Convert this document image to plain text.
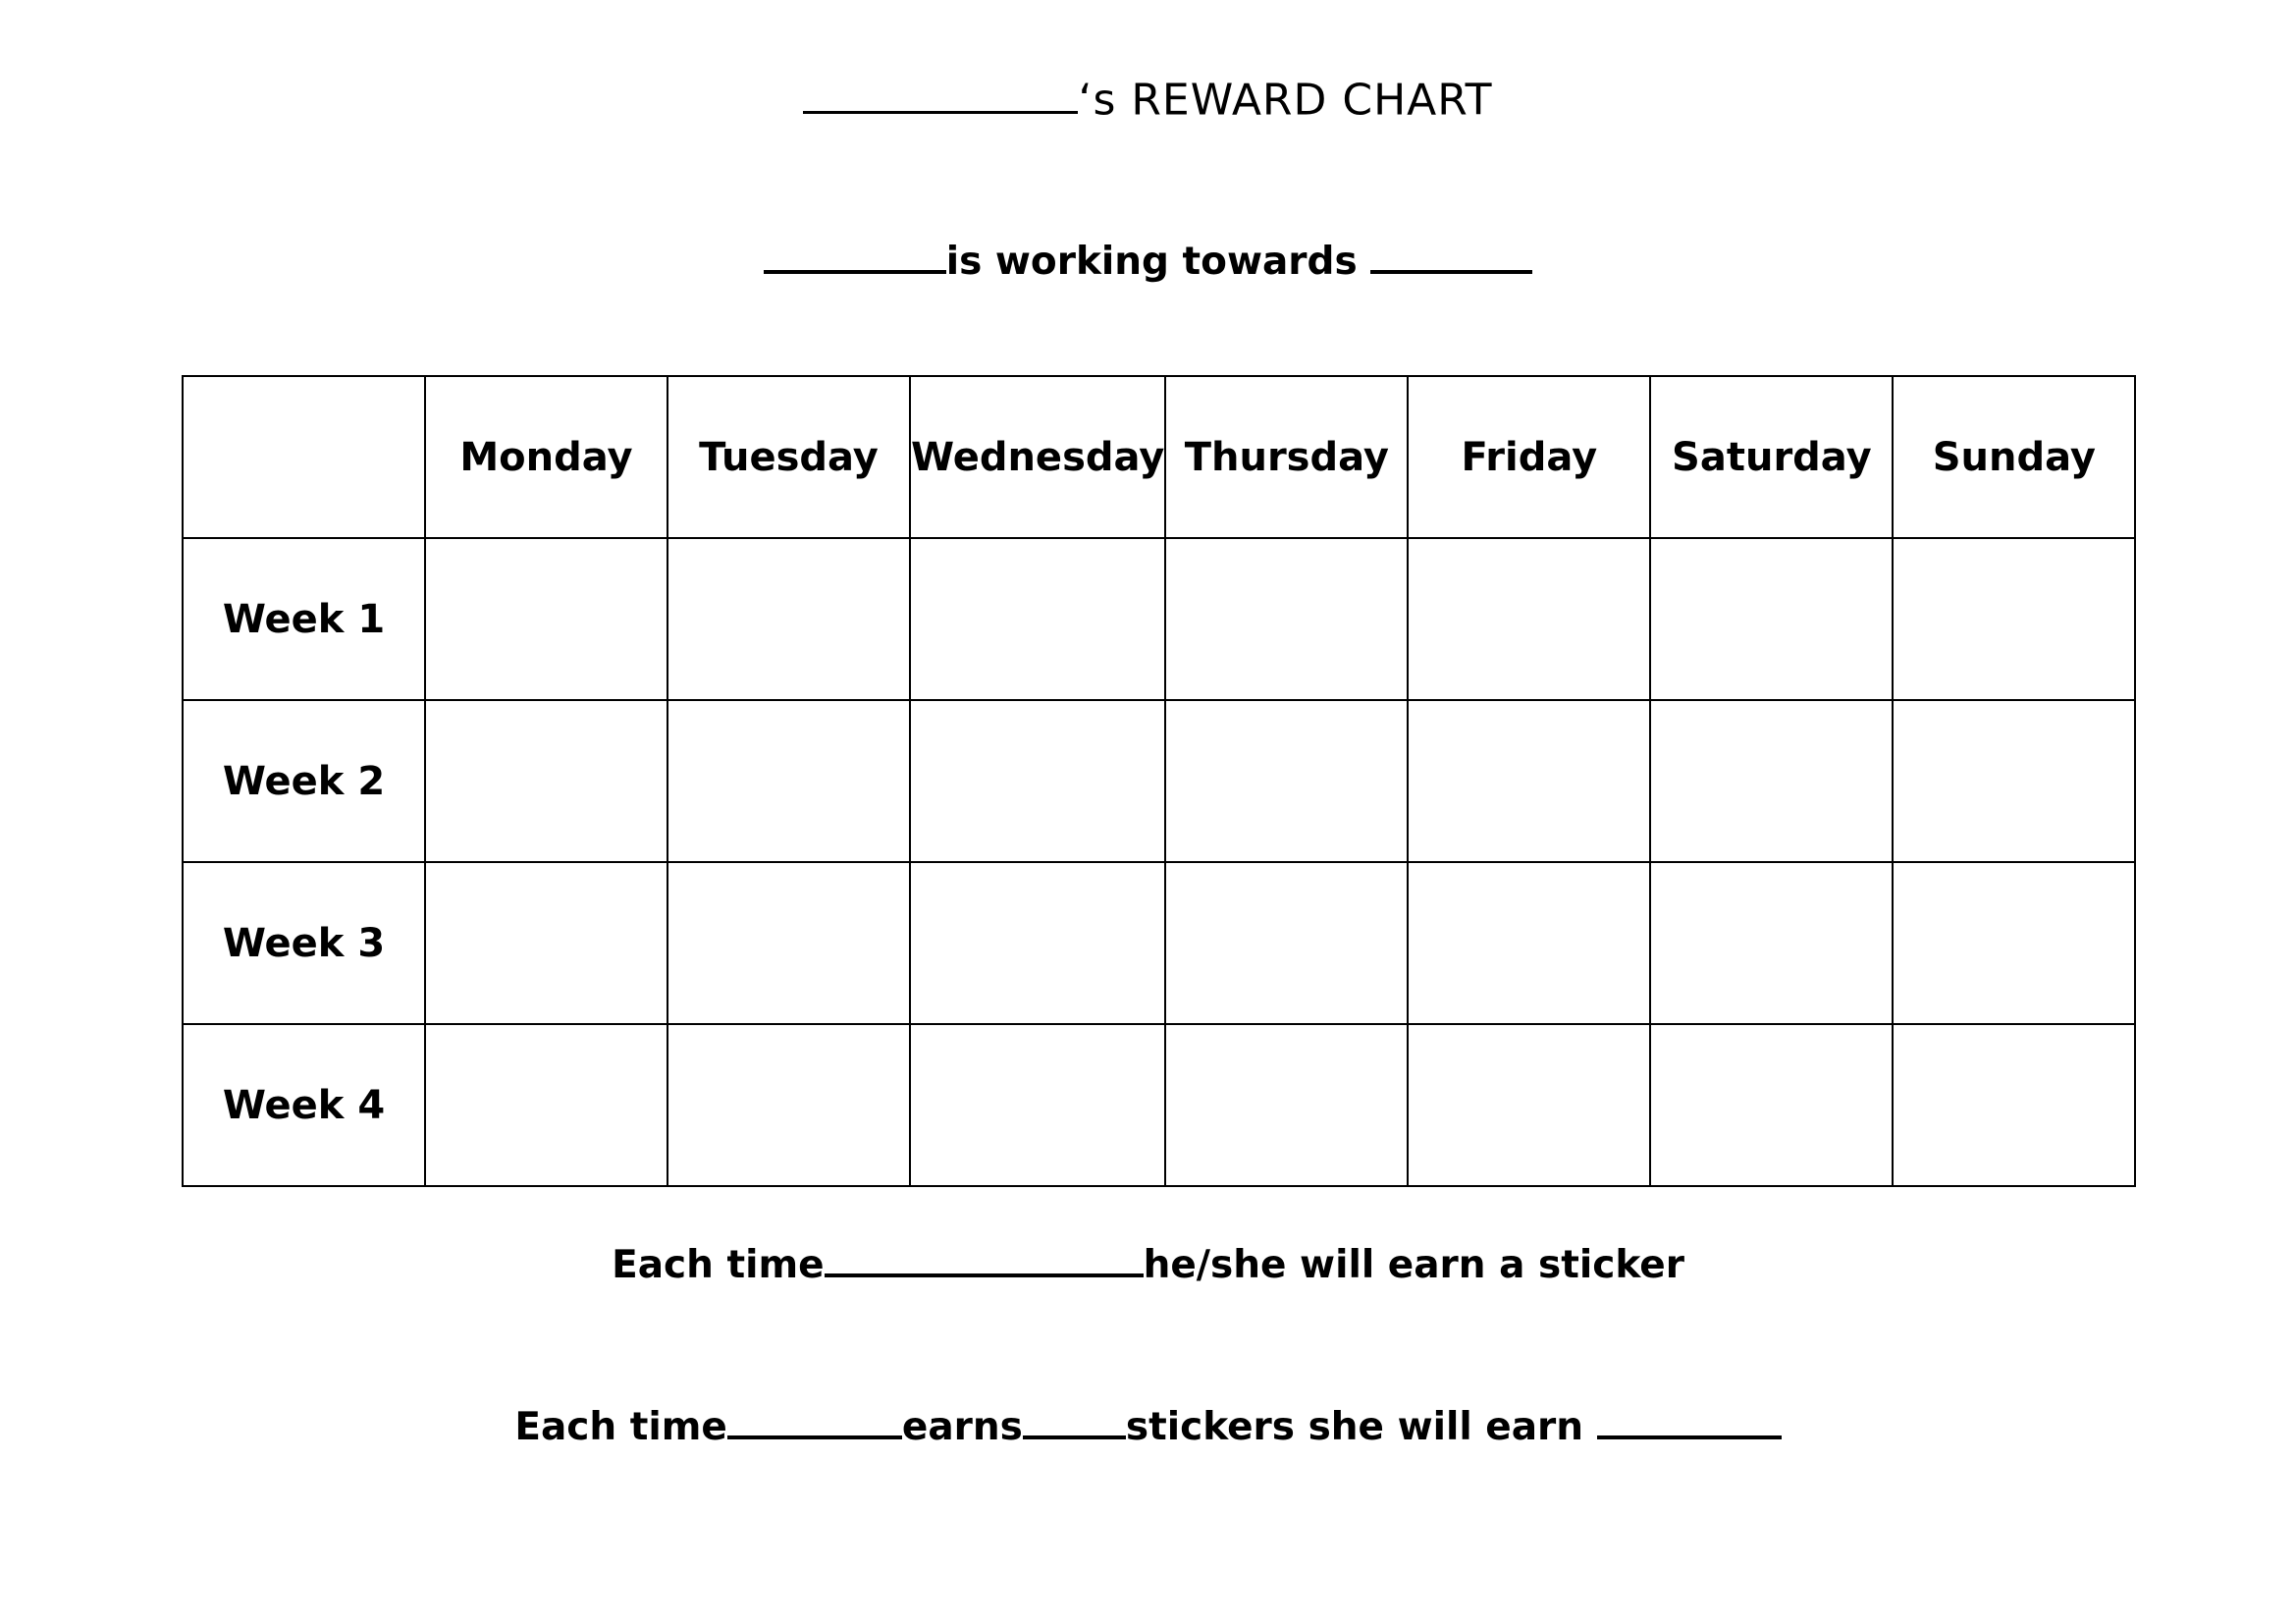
‘s REWARD CHART
is working towards
	Monday	Tuesday	Wednesday	Thursday	Friday	Saturday	Sunday
Week 1							
Week 2							
Week 3							
Week 4							
Each time	he/she will earn a sticker
Each time	earns	stickers she will earn
